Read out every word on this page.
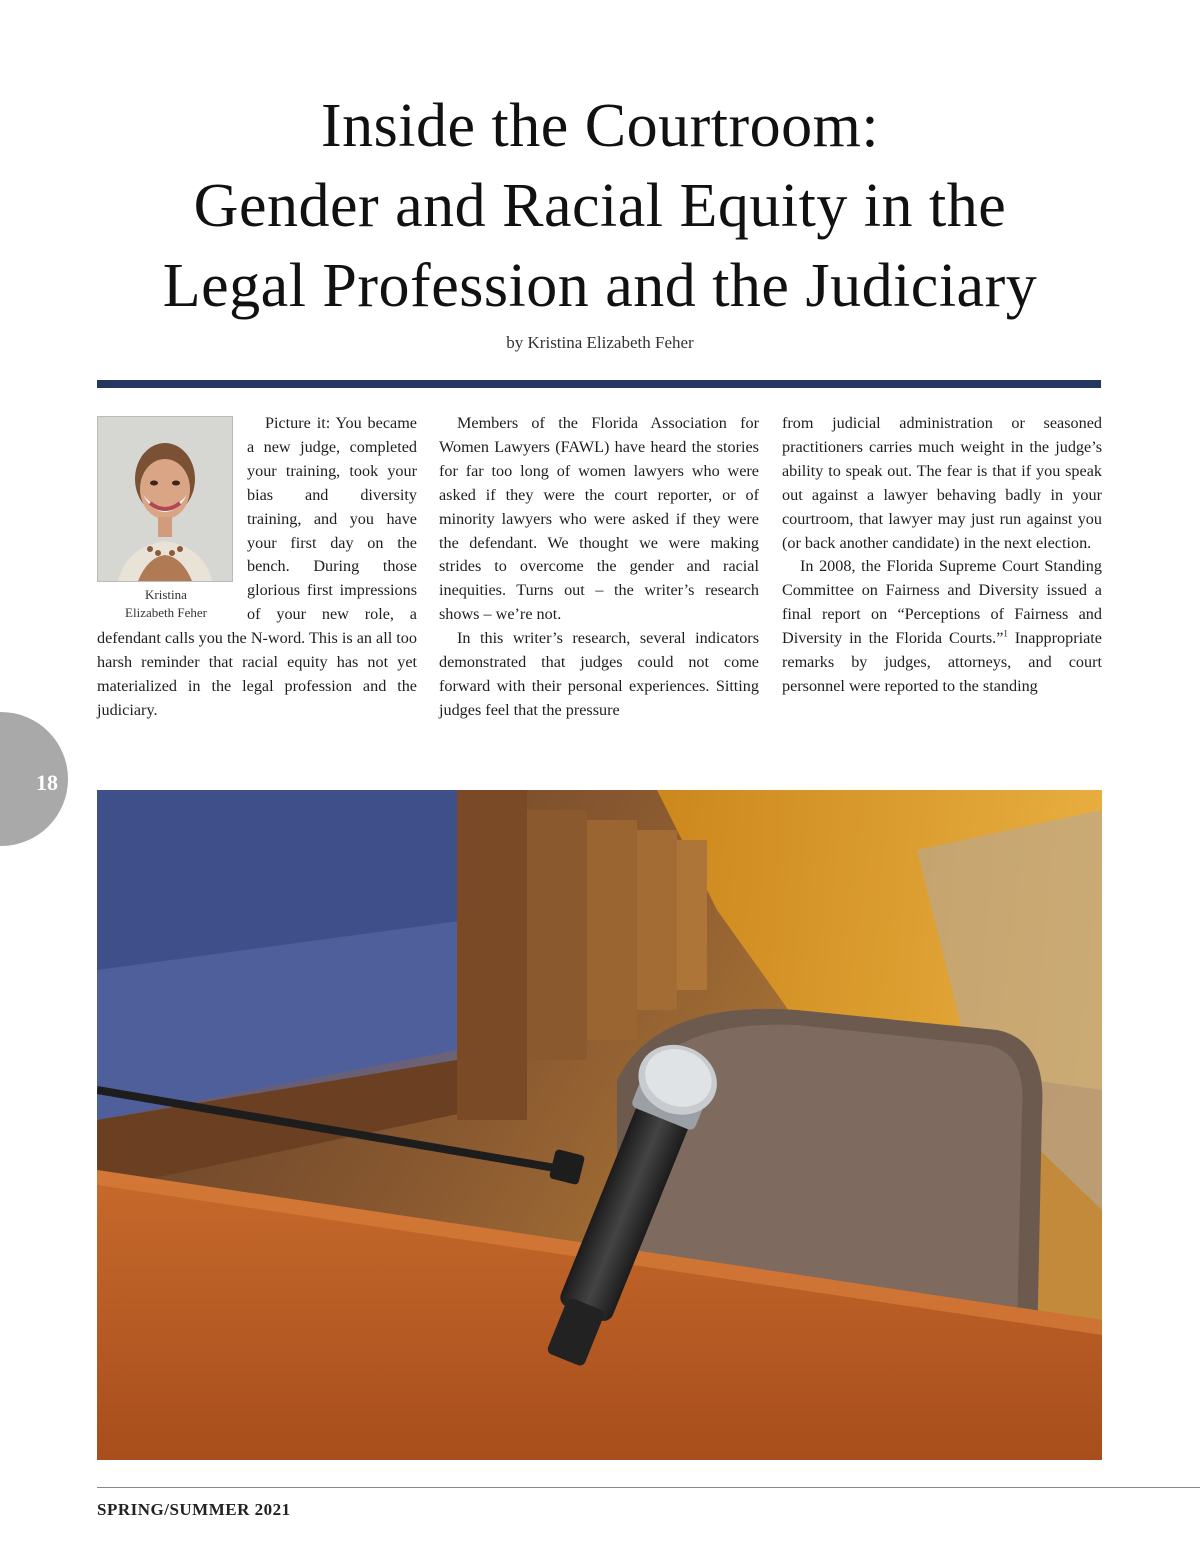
Inside the Courtroom:
Gender and Racial Equity in the
Legal Profession and the Judiciary
by Kristina Elizabeth Feher
Kristina
Elizabeth Feher

Picture it: You became a new judge, completed your training, took your bias and diversity training, and you have your first day on the bench. During those glorious first impressions of your new role, a defendant calls you the N-word. This is an all too harsh reminder that racial equity has not yet materialized in the legal profession and the judiciary.

Members of the Florida Association for Women Lawyers (FAWL) have heard the stories for far too long of women lawyers who were asked if they were the court reporter, or of minority lawyers who were asked if they were the defendant. We thought we were making strides to overcome the gender and racial inequities. Turns out – the writer’s research shows – we’re not.

In this writer’s research, several indicators demonstrated that judges could not come forward with their personal experiences. Sitting judges feel that the pressure

from judicial administration or seasoned practitioners carries much weight in the judge’s ability to speak out. The fear is that if you speak out against a lawyer behaving badly in your courtroom, that lawyer may just run against you (or back another candidate) in the next election.

In 2008, the Florida Supreme Court Standing Committee on Fairness and Diversity issued a final report on “Perceptions of Fairness and Diversity in the Florida Courts.”$^1$ Inappropriate remarks by judges, attorneys, and court personnel were reported to the standing

18
SPRING/SUMMER 2021
